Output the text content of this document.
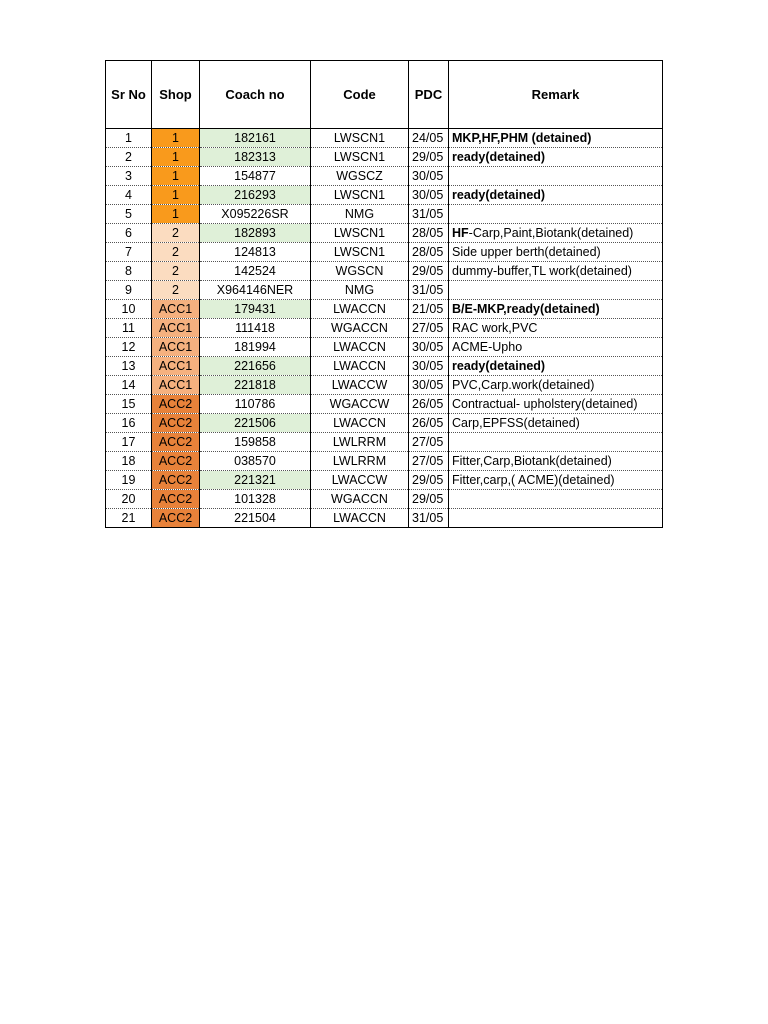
Sr No	Shop	Coach no	Code	PDC	Remark
1	1	182161	LWSCN1	24/05	MKP,HF,PHM (detained)
2	1	182313	LWSCN1	29/05	ready(detained)
3	1	154877	WGSCZ	30/05	
4	1	216293	LWSCN1	30/05	ready(detained)
5	1	X095226SR	NMG	31/05	
6	2	182893	LWSCN1	28/05	HF-Carp,Paint,Biotank(detained)
7	2	124813	LWSCN1	28/05	Side upper berth(detained)
8	2	142524	WGSCN	29/05	dummy-buffer,TL work(detained)
9	2	X964146NER	NMG	31/05	
10	ACC1	179431	LWACCN	21/05	B/E-MKP,ready(detained)
11	ACC1	111418	WGACCN	27/05	RAC work,PVC
12	ACC1	181994	LWACCN	30/05	ACME-Upho
13	ACC1	221656	LWACCN	30/05	ready(detained)
14	ACC1	221818	LWACCW	30/05	PVC,Carp.work(detained)
15	ACC2	110786	WGACCW	26/05	Contractual- upholstery(detained)
16	ACC2	221506	LWACCN	26/05	Carp,EPFSS(detained)
17	ACC2	159858	LWLRRM	27/05	
18	ACC2	038570	LWLRRM	27/05	Fitter,Carp,Biotank(detained)
19	ACC2	221321	LWACCW	29/05	Fitter,carp,( ACME)(detained)
20	ACC2	101328	WGACCN	29/05	
21	ACC2	221504	LWACCN	31/05	
